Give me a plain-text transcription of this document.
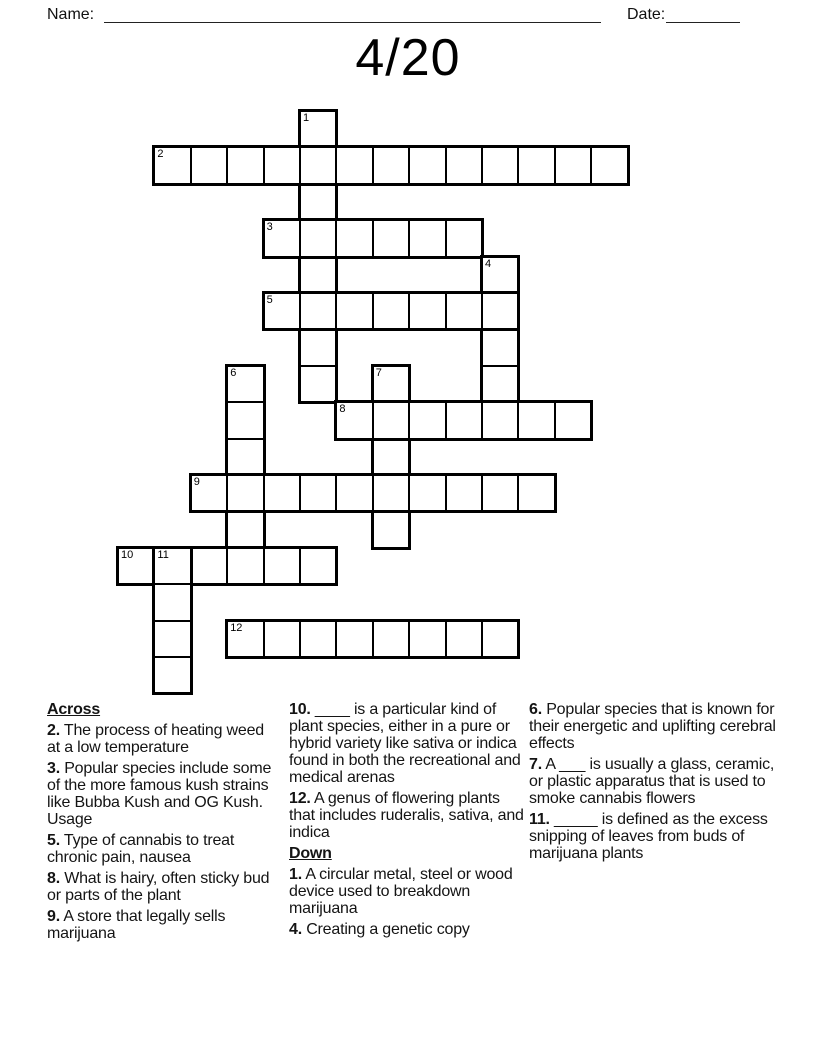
Name:	Date:
4/20
1
2
3
4
5
6	7
8
9
10 11
12
Across
2. The process of heating weed at a low temperature
3. Popular species include some of the more famous kush strains like Bubba Kush and OG Kush. Usage
5. Type of cannabis to treat chronic pain, nausea
8. What is hairy, often sticky bud or parts of the plant
9. A store that legally sells marijuana
10. ____ is a particular kind of plant species, either in a pure or hybrid variety like sativa or indica found in both the recreational and medical arenas
12. A genus of flowering plants that includes ruderalis, sativa, and indica
Down
1. A circular metal, steel or wood device used to breakdown marijuana
4. Creating a genetic copy
6. Popular species that is known for their energetic and uplifting cerebral effects
7. A ___ is usually a glass, ceramic, or plastic apparatus that is used to smoke cannabis flowers
11. _____ is defined as the excess snipping of leaves from buds of marijuana plants
